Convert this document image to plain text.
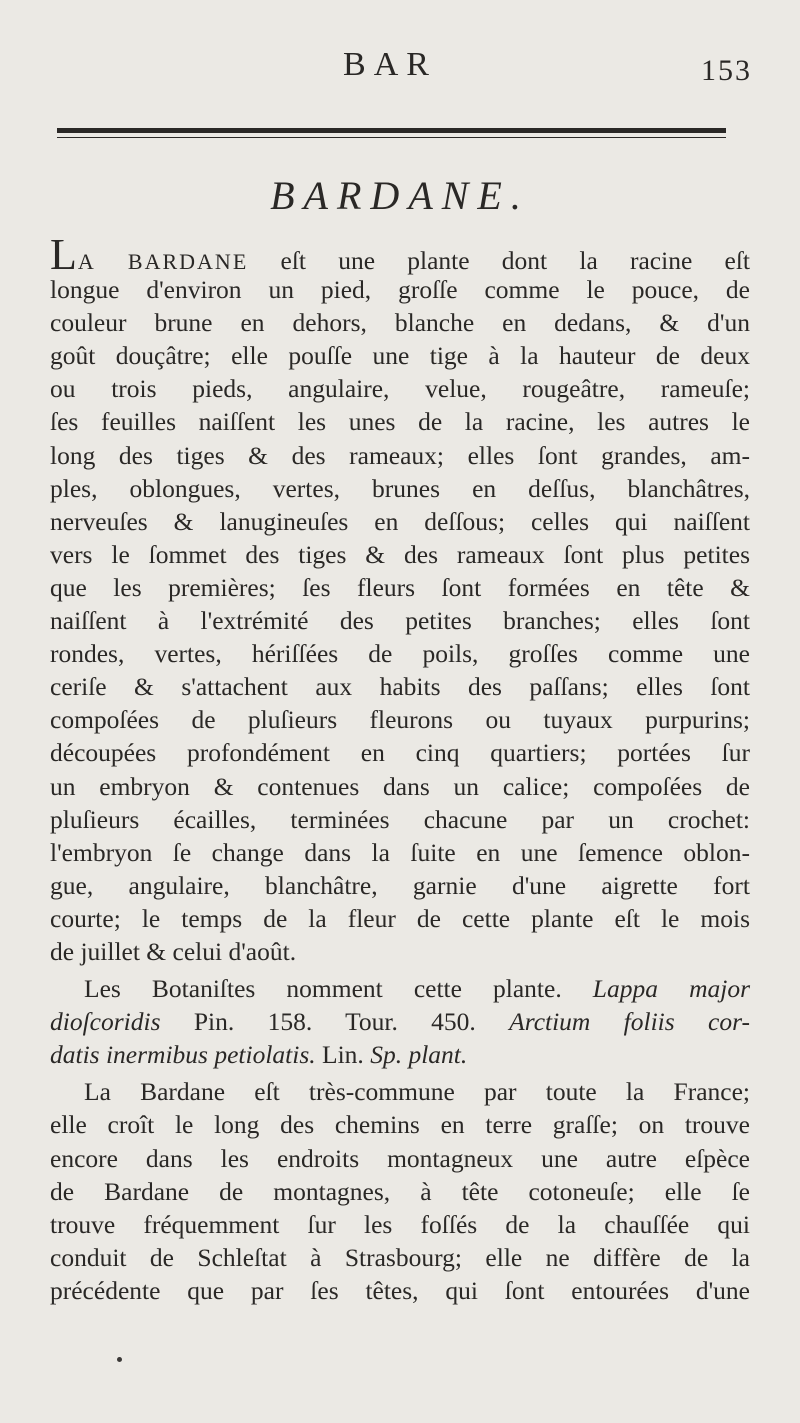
BAR	153
BARDANE.
LA BARDANE eſt une plante dont la racine eſt
longue d'environ un pied, groſſe comme le pouce, de
couleur brune en dehors, blanche en dedans, & d'un
goût douçâtre; elle pouſſe une tige à la hauteur de deux
ou trois pieds, angulaire, velue, rougeâtre, rameuſe;
ſes feuilles naiſſent les unes de la racine, les autres le
long des tiges & des rameaux; elles ſont grandes, am-
ples, oblongues, vertes, brunes en deſſus, blanchâtres,
nerveuſes & lanugineuſes en deſſous; celles qui naiſſent
vers le ſommet des tiges & des rameaux ſont plus petites
que les premières; ſes fleurs ſont formées en tête &
naiſſent à l'extrémité des petites branches; elles ſont
rondes, vertes, hériſſées de poils, groſſes comme une
ceriſe & s'attachent aux habits des paſſans; elles ſont
compoſées de pluſieurs fleurons ou tuyaux purpurins;
découpées profondément en cinq quartiers; portées ſur
un embryon & contenues dans un calice; compoſées de
pluſieurs écailles, terminées chacune par un crochet:
l'embryon ſe change dans la ſuite en une ſemence oblon-
gue, angulaire, blanchâtre, garnie d'une aigrette fort
courte; le temps de la fleur de cette plante eſt le mois
de juillet & celui d'août.
Les Botaniſtes nomment cette plante. Lappa major
dioſcoridis Pin. 158. Tour. 450. Arctium foliis cor-
datis inermibus petiolatis. Lin. Sp. plant.
La Bardane eſt très-commune par toute la France;
elle croît le long des chemins en terre graſſe; on trouve
encore dans les endroits montagneux une autre eſpèce
de Bardane de montagnes, à tête cotoneuſe; elle ſe
trouve fréquemment ſur les foſſés de la chauſſée qui
conduit de Schleſtat à Strasbourg; elle ne diffère de la
précédente que par ſes têtes, qui ſont entourées d'une
